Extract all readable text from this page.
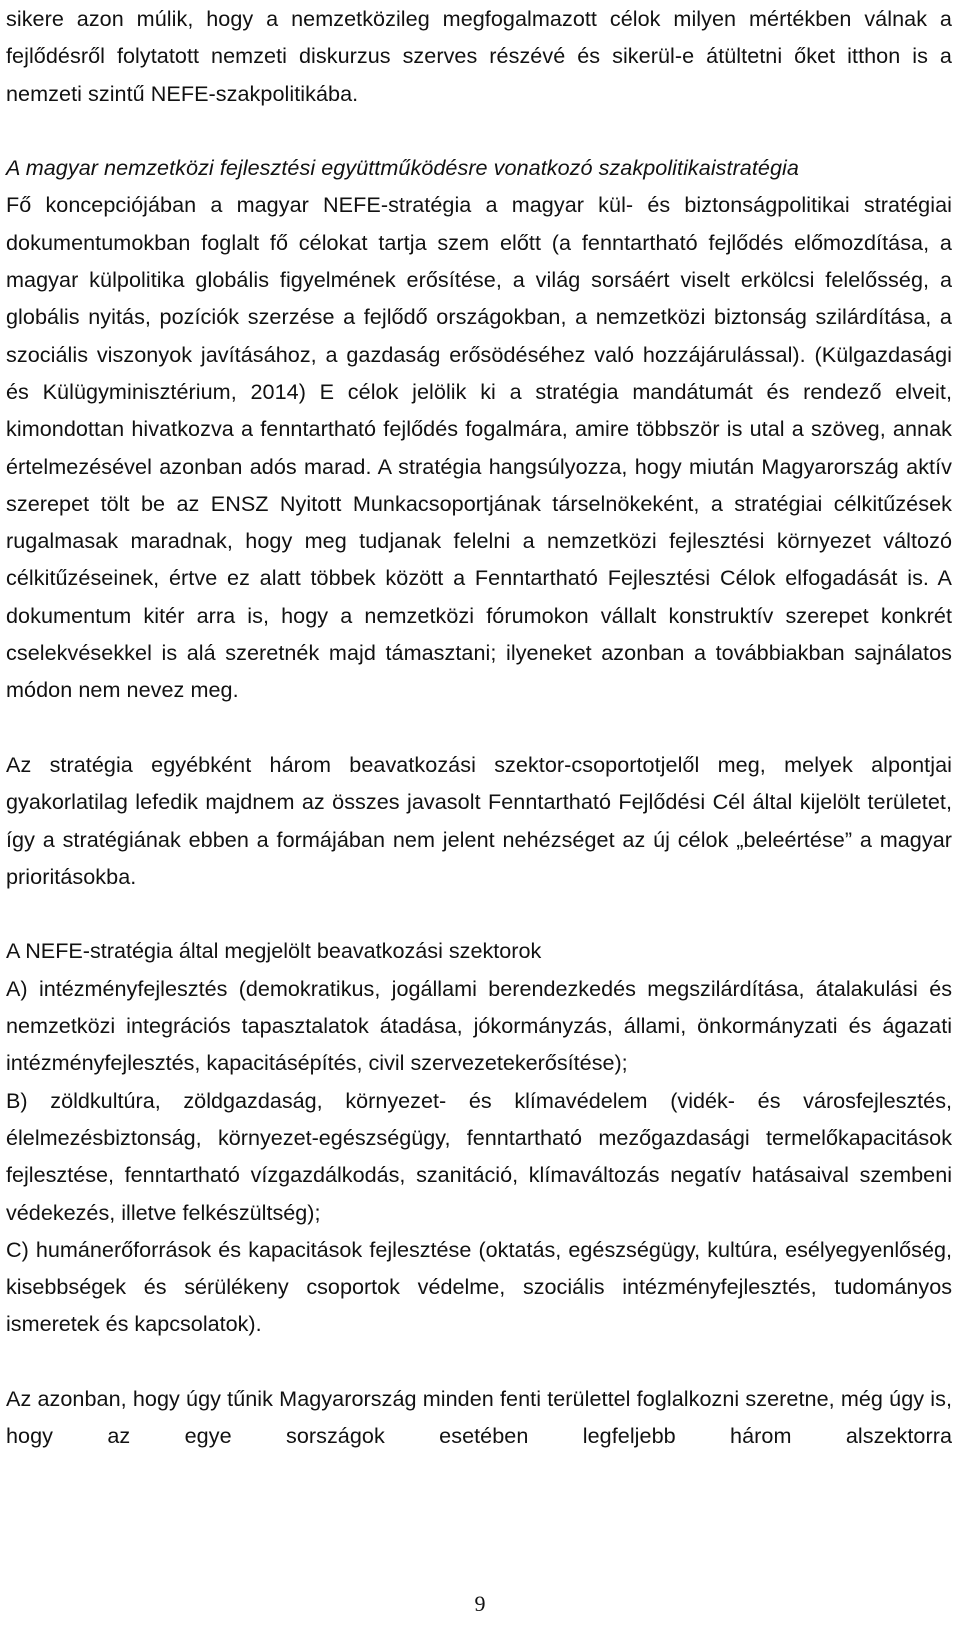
sikere azon múlik, hogy a nemzetközileg megfogalmazott célok milyen mértékben válnak a fejlődésről folytatott nemzeti diskurzus szerves részévé és sikerül-e átültetni őket itthon is a nemzeti szintű NEFE-szakpolitikába.

A magyar nemzetközi fejlesztési együttműködésre vonatkozó szakpolitikaistratégia
Fő koncepciójában a magyar NEFE-stratégia a magyar kül- és biztonságpolitikai stratégiai dokumentumokban foglalt fő célokat tartja szem előtt (a fenntartható fejlődés előmozdítása, a magyar külpolitika globális figyelmének erősítése, a világ sorsáért viselt erkölcsi felelősség, a globális nyitás, pozíciók szerzése a fejlődő országokban, a nemzetközi biztonság szilárdítása, a szociális viszonyok javításához, a gazdaság erősödéséhez való hozzájárulással). (Külgazdasági és Külügyminisztérium, 2014) E célok jelölik ki a stratégia mandátumát és rendező elveit, kimondottan hivatkozva a fenntartható fejlődés fogalmára, amire többször is utal a szöveg, annak értelmezésével azonban adós marad. A stratégia hangsúlyozza, hogy miután Magyarország aktív szerepet tölt be az ENSZ Nyitott Munkacsoportjának társelnökeként, a stratégiai célkitűzések rugalmasak maradnak, hogy meg tudjanak felelni a nemzetközi fejlesztési környezet változó célkitűzéseinek, értve ez alatt többek között a Fenntartható Fejlesztési Célok elfogadását is. A dokumentum kitér arra is, hogy a nemzetközi fórumokon vállalt konstruktív szerepet konkrét cselekvésekkel is alá szeretnék majd támasztani; ilyeneket azonban a továbbiakban sajnálatos módon nem nevez meg.

Az stratégia egyébként három beavatkozási szektor-csoportotjelől meg, melyek alpontjai gyakorlatilag lefedik majdnem az összes javasolt Fenntartható Fejlődési Cél által kijelölt területet, így a stratégiának ebben a formájában nem jelent nehézséget az új célok „beleértése” a magyar prioritásokba.

A NEFE-stratégia által megjelölt beavatkozási szektorok

A) intézményfejlesztés (demokratikus, jogállami berendezkedés megszilárdítása, átalakulási és nemzetközi integrációs tapasztalatok átadása, jókormányzás, állami, önkormányzati és ágazati intézményfejlesztés, kapacitásépítés, civil szervezetekerősítése);

B) zöldkultúra, zöldgazdaság, környezet- és klímavédelem (vidék- és városfejlesztés, élelmezésbiztonság, környezet-egészségügy, fenntartható mezőgazdasági termelőkapacitások fejlesztése, fenntartható vízgazdálkodás, szanitáció, klímaváltozás negatív hatásaival szembeni védekezés, illetve felkészültség);

C) humánerőforrások és kapacitások fejlesztése (oktatás, egészségügy, kultúra, esélyegyenlőség, kisebbségek és sérülékeny csoportok védelme, szociális intézményfejlesztés, tudományos ismeretek és kapcsolatok).

Az azonban, hogy úgy tűnik Magyarország minden fenti területtel foglalkozni szeretne, még úgy is, hogy az egye sországok esetében legfeljebb három alszektorra

9
